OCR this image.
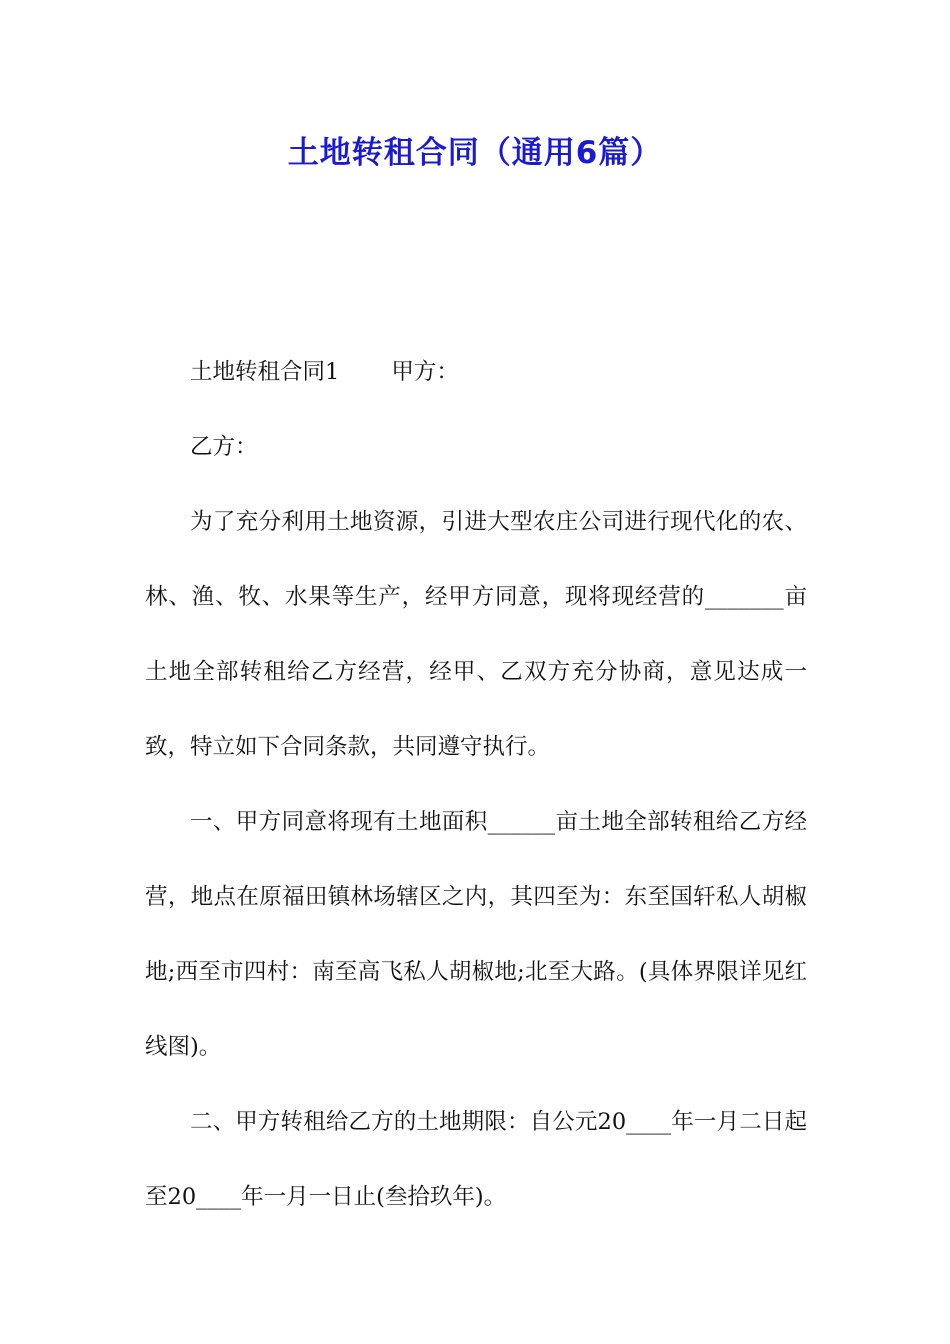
土地转租合同（通用6篇）

土地转租合同1 甲方：

乙方：

为了充分利用土地资源，引进大型农庄公司进行现代化的农、林、渔、牧、水果等生产，经甲方同意，现将现经营的_______亩土地全部转租给乙方经营，经甲、乙双方充分协商，意见达成一致，特立如下合同条款，共同遵守执行。

一、甲方同意将现有土地面积______亩土地全部转租给乙方经营，地点在原福田镇林场辖区之内，其四至为：东至国轩私人胡椒地;西至市四村：南至高飞私人胡椒地;北至大路。(具体界限详见红线图)。

二、甲方转租给乙方的土地期限：自公元20____年一月二日起至20____年一月一日止(叁拾玖年)。
